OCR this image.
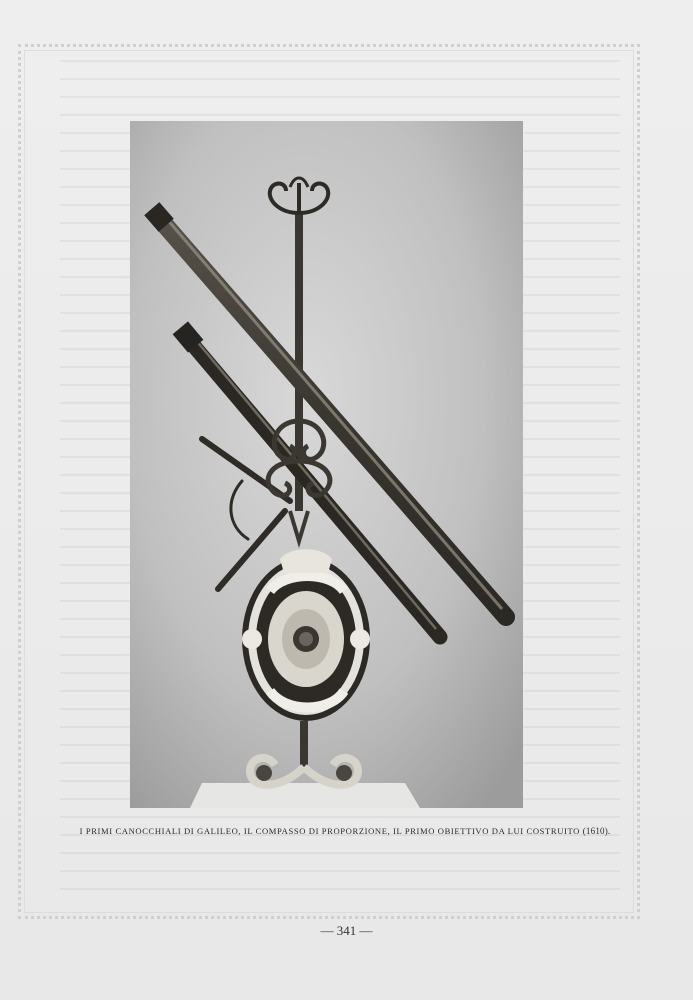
I PRIMI CANOCCHIALI DI GALILEO, IL COMPASSO DI PROPORZIONE, IL PRIMO OBIETTIVO DA LUI COSTRUITO (1610).
— 341 —
